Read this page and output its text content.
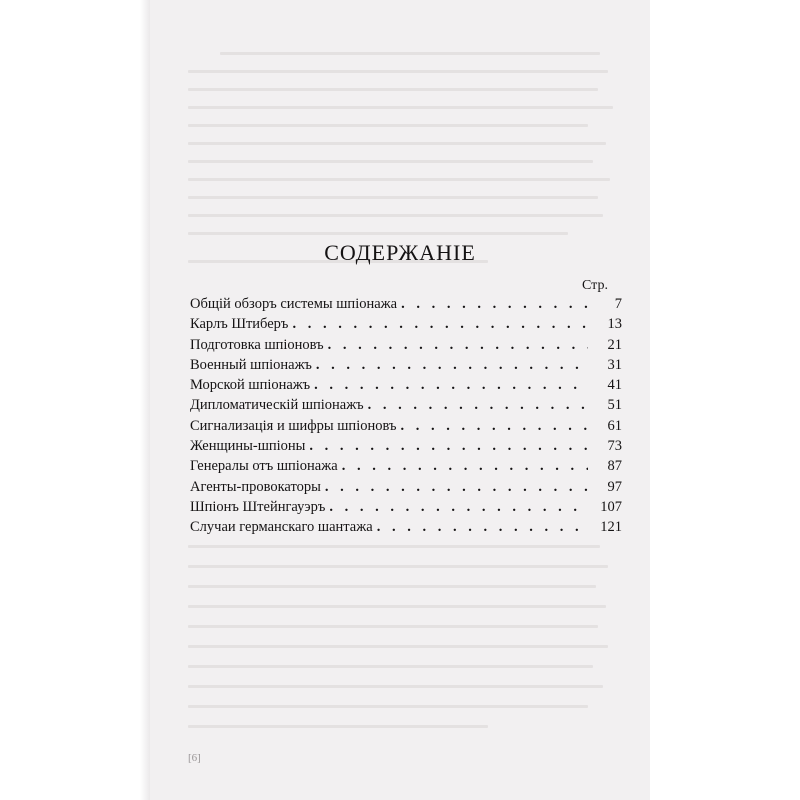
СОДЕРЖАНІЕ
Стр.
Общій обзоръ системы шпіонажа . . .	7
Карлъ Штиберъ . . .	13
Подготовка шпіоновъ . . .	21
Военный шпіонажъ . . .	31
Морской шпіонажъ . . .	41
Дипломатическій шпіонажъ . . .	51
Сигнализація и шифры шпіоновъ . . .	61
Женщины-шпіоны . . .	73
Генералы отъ шпіонажа . . .	87
Агенты-провокаторы . . .	97
Шпіонъ Штейнгауэръ . . .	107
Случаи германскаго шантажа . . .	121
[6]
